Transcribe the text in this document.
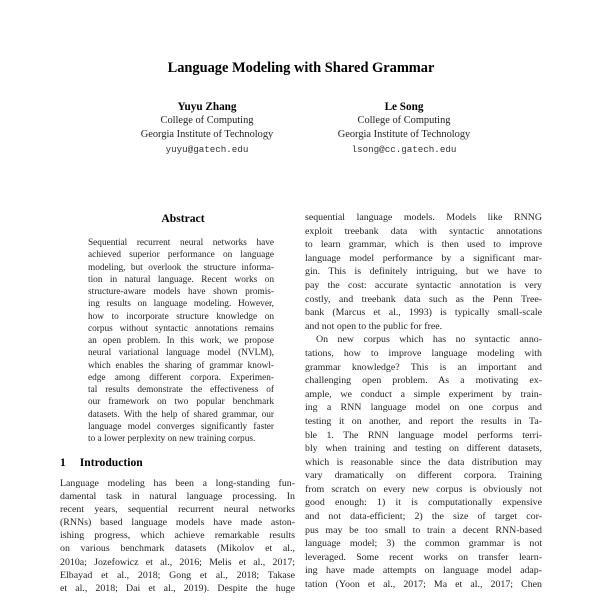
Language Modeling with Shared Grammar
Yuyu Zhang
College of Computing
Georgia Institute of Technology
yuyu@gatech.edu
Le Song
College of Computing
Georgia Institute of Technology
lsong@cc.gatech.edu
Abstract
Sequential recurrent neural networks have
achieved superior performance on language
modeling, but overlook the structure informa-
tion in natural language. Recent works on
structure-aware models have shown promis-
ing results on language modeling. However,
how to incorporate structure knowledge on
corpus without syntactic annotations remains
an open problem. In this work, we propose
neural variational language model (NVLM),
which enables the sharing of grammar knowl-
edge among different corpora. Experimen-
tal results demonstrate the effectiveness of
our framework on two popular benchmark
datasets. With the help of shared grammar, our
language model converges significantly faster
to a lower perplexity on new training corpus.
1 Introduction
Language modeling has been a long-standing fun-
damental task in natural language processing. In
recent years, sequential recurrent neural networks
(RNNs) based language models have made aston-
ishing progress, which achieve remarkable results
on various benchmark datasets (Mikolov et al.,
2010a; Jozefowicz et al., 2016; Melis et al., 2017;
Elbayad et al., 2018; Gong et al., 2018; Takase
et al., 2018; Dai et al., 2019). Despite the huge
sequential language models. Models like RNNG
exploit treebank data with syntactic annotations
to learn grammar, which is then used to improve
language model performance by a significant mar-
gin. This is definitely intriguing, but we have to
pay the cost: accurate syntactic annotation is very
costly, and treebank data such as the Penn Tree-
bank (Marcus et al., 1993) is typically small-scale
and not open to the public for free.
On new corpus which has no syntactic anno-
tations, how to improve language modeling with
grammar knowledge? This is an important and
challenging open problem. As a motivating ex-
ample, we conduct a simple experiment by train-
ing a RNN language model on one corpus and
testing it on another, and report the results in Ta-
ble 1. The RNN language model performs terri-
bly when training and testing on different datasets,
which is reasonable since the data distribution may
vary dramatically on different corpora. Training
from scratch on every new corpus is obviously not
good enough: 1) it is computationally expensive
and not data-efficient; 2) the size of target cor-
pus may be too small to train a decent RNN-based
language model; 3) the common grammar is not
leveraged. Some recent works on transfer learn-
ing have made attempts on language model adap-
tation (Yoon et al., 2017; Ma et al., 2017; Chen
